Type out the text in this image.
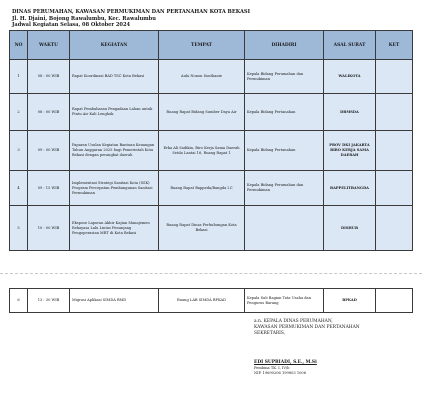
DINAS PERUMAHAN, KAWASAN PERMUKIMAN DAN PERTANAHAN KOTA BEKASI
Jl. H. Djaini, Bojong Rawalumbu, Kec. Rawalumbu
Jadwal Kegiatan Selasa, 08 Oktober 2024
NO	WAKTU	KEGIATAN	TEMPAT	DIHADIRI	ASAL SURAT	KET
1	08 : 00 WIB	Rapat Koordinasi BAD TSC Kota Bekasi	Aula Nonon Sonthanie	Kepala Bidang Perumahan dan Permukiman	WALIKOTA	
2	08 : 00 WIB	Rapat Pembahasan Pengadaan Lahan untuk Pintu Air Kali Lenghak	Ruang Rapat Bidang Sumber Daya Air	Kepala Bidang Pertanahan	DBMSDA	
3	09 : 00 WIB	Paparan Usulan Kegiatan Bantuan Keuangan Tahun Anggaran 2025 bagi Pemerintah Kota Bekasi dengan perangkat daerah	Erka Ali Sadikin, Biro Kerja Sama Daerah Setda Lantai 16, Ruang Rapat 1	Kepala Bidang Pertanahan	PROV DKI JAKARTA BIRO KERJA SAMA DAERAH	
4	09 : 15 WIB	Implementasi Strategi Sanitasi Kota (SSK) Program Percepatan Pembangunan Sanitasi Permukiman	Ruang Rapat Bappeda/Bangda I.C	Kepala Bidang Perumahan dan Permukiman	BAPPELITBANGDA	
5	10 : 00 WIB	Ekspose Laporan Akhir Kajian Manajemen Rekayasa Lalu Lintas Penunjang Pengoperasian MRT di Kota Bekasi	Ruang Rapat Dinas Perhubungan Kota Bekasi		DISHUB	
6	13 : 30 WIB	Migrasi Aplikasi SIMDA BMD	Ruang LAB SIMDA BPKAD	Kepala Sub Bagian Tata Usaha dan Pengurus Barang	BPKAD	
a.n. KEPALA DINAS PERUMAHAN,
KAWASAN PERMUKIMAN DAN PERTANAHAN
SEKRETARIS,
EDI SUPRIADI, S.E., M.Si
Pembina TK. I, IV/b
NIP. 19690206 199803 1006
